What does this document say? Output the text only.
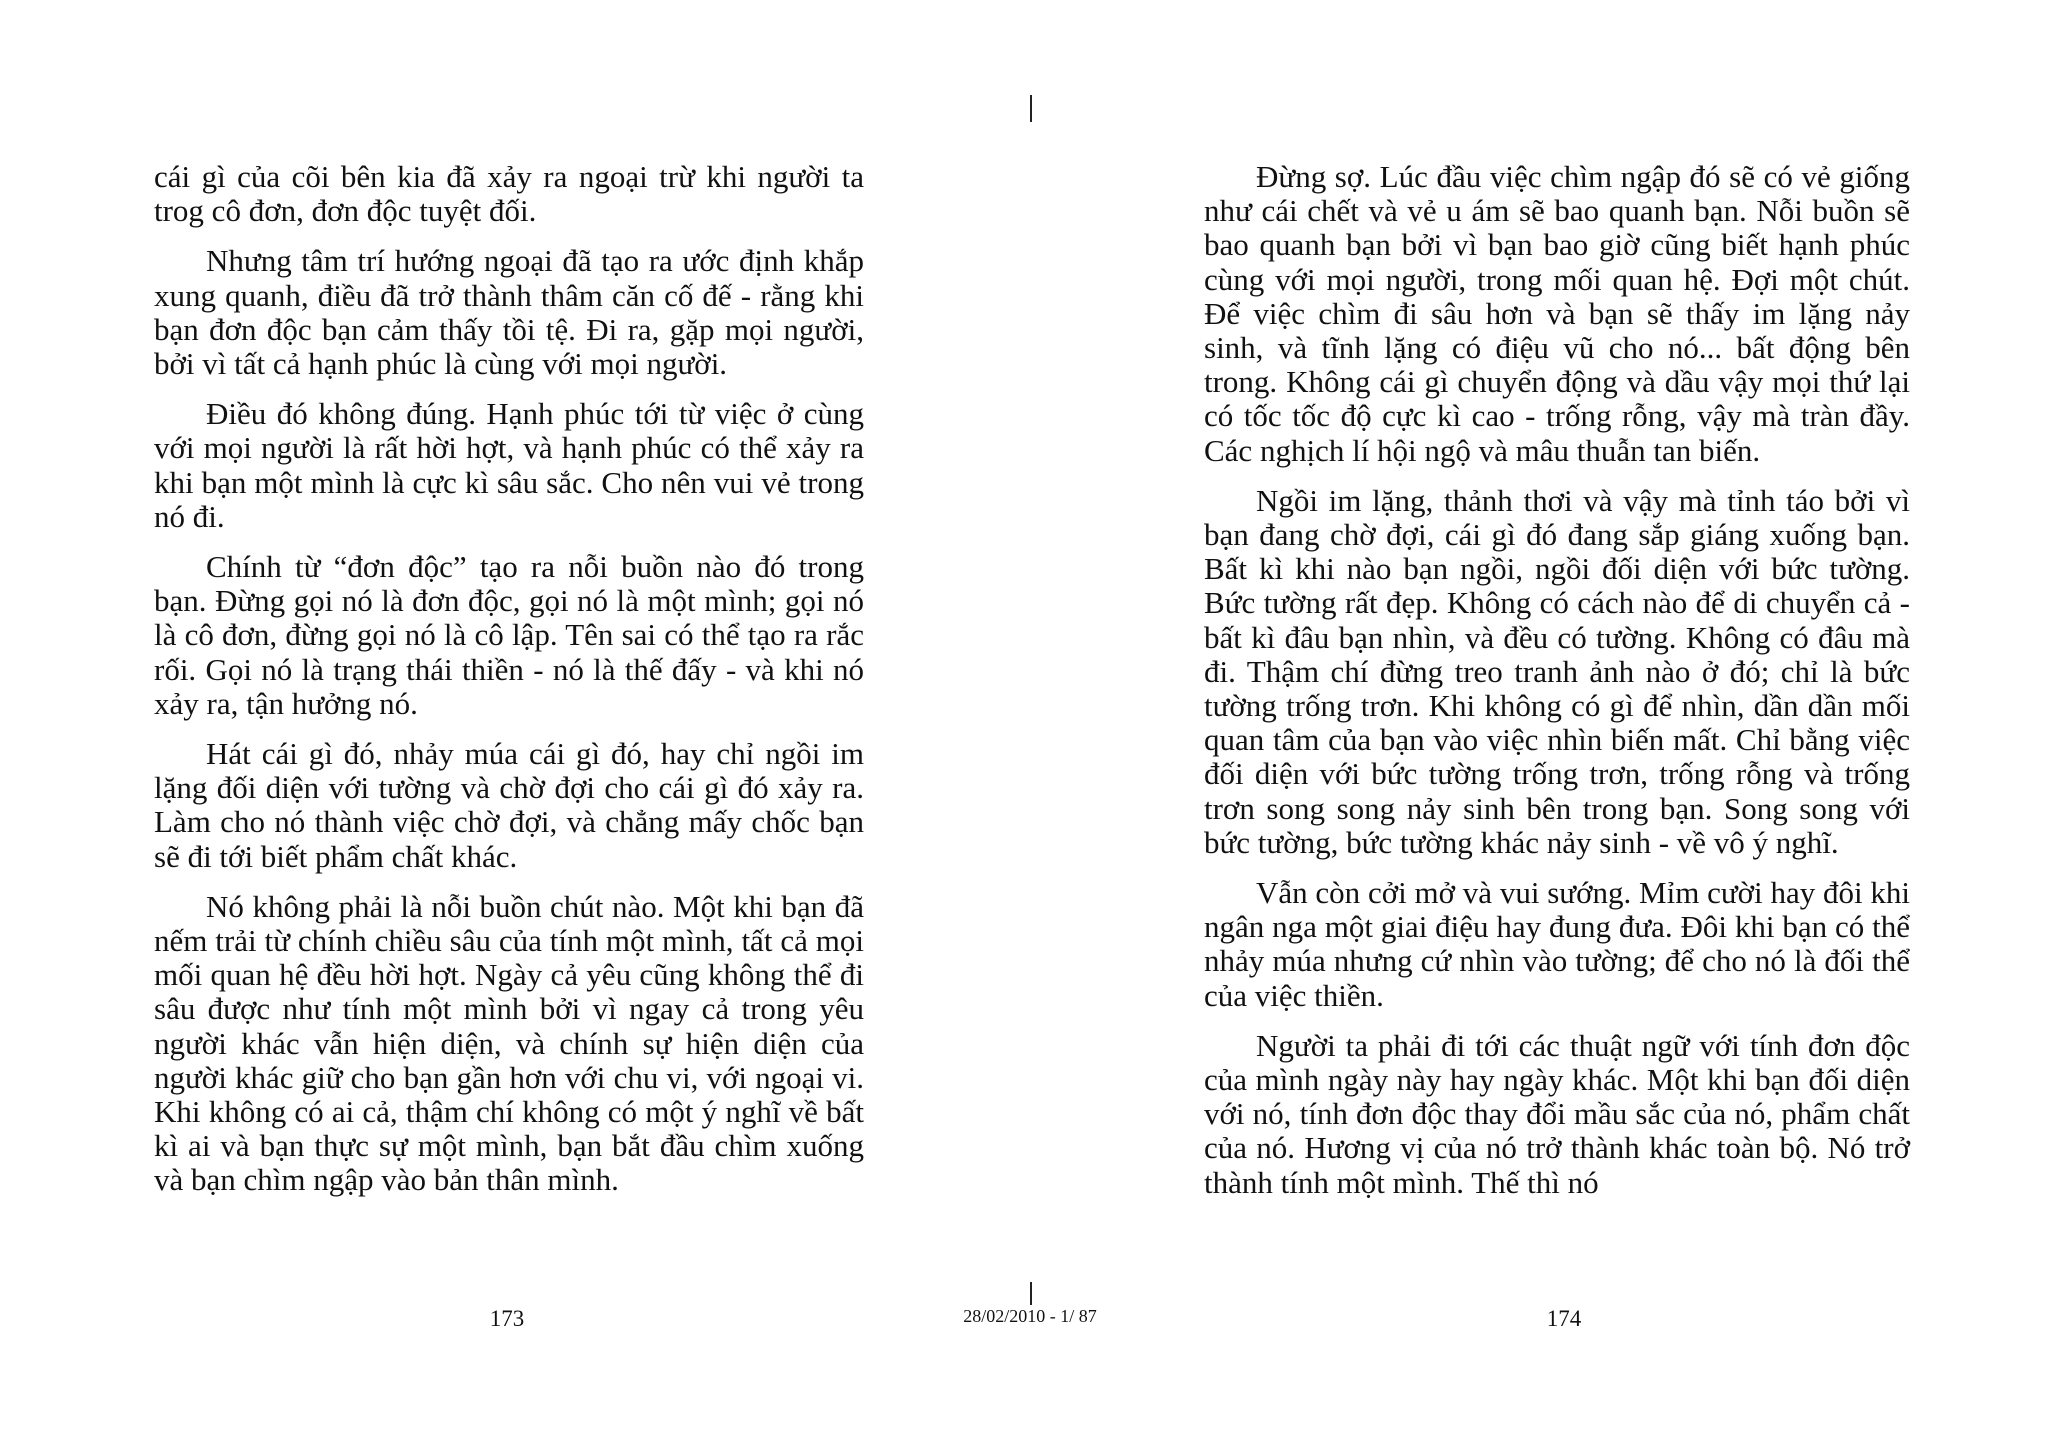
cái gì của cõi bên kia đã xảy ra ngoại trừ khi người ta trog cô đơn, đơn độc tuyệt đối.

Nhưng tâm trí hướng ngoại đã tạo ra ước định khắp xung quanh, điều đã trở thành thâm căn cố đế - rằng khi bạn đơn độc bạn cảm thấy tồi tệ. Đi ra, gặp mọi người, bởi vì tất cả hạnh phúc là cùng với mọi người.

Điều đó không đúng. Hạnh phúc tới từ việc ở cùng với mọi người là rất hời hợt, và hạnh phúc có thể xảy ra khi bạn một mình là cực kì sâu sắc. Cho nên vui vẻ trong nó đi.

Chính từ “đơn độc” tạo ra nỗi buồn nào đó trong bạn. Đừng gọi nó là đơn độc, gọi nó là một mình; gọi nó là cô đơn, đừng gọi nó là cô lập. Tên sai có thể tạo ra rắc rối. Gọi nó là trạng thái thiền - nó là thế đấy - và khi nó xảy ra, tận hưởng nó.

Hát cái gì đó, nhảy múa cái gì đó, hay chỉ ngồi im lặng đối diện với tường và chờ đợi cho cái gì đó xảy ra. Làm cho nó thành việc chờ đợi, và chẳng mấy chốc bạn sẽ đi tới biết phẩm chất khác.

Nó không phải là nỗi buồn chút nào. Một khi bạn đã nếm trải từ chính chiều sâu của tính một mình, tất cả mọi mối quan hệ đều hời hợt. Ngày cả yêu cũng không thể đi sâu được như tính một mình bởi vì ngay cả trong yêu người khác vẫn hiện diện, và chính sự hiện diện của người khác giữ cho bạn gần hơn với chu vi, với ngoại vi. Khi không có ai cả, thậm chí không có một ý nghĩ về bất kì ai và bạn thực sự một mình, bạn bắt đầu chìm xuống và bạn chìm ngập vào bản thân mình.

Đừng sợ. Lúc đầu việc chìm ngập đó sẽ có vẻ giống như cái chết và vẻ u ám sẽ bao quanh bạn. Nỗi buồn sẽ bao quanh bạn bởi vì bạn bao giờ cũng biết hạnh phúc cùng với mọi người, trong mối quan hệ. Đợi một chút. Để việc chìm đi sâu hơn và bạn sẽ thấy im lặng nảy sinh, và tĩnh lặng có điệu vũ cho nó... bất động bên trong. Không cái gì chuyển động và dầu vậy mọi thứ lại có tốc tốc độ cực kì cao - trống rỗng, vậy mà tràn đầy. Các nghịch lí hội ngộ và mâu thuẫn tan biến.

Ngồi im lặng, thảnh thơi và vậy mà tỉnh táo bởi vì bạn đang chờ đợi, cái gì đó đang sắp giáng xuống bạn. Bất kì khi nào bạn ngồi, ngồi đối diện với bức tường. Bức tường rất đẹp. Không có cách nào để di chuyển cả - bất kì đâu bạn nhìn, và đều có tường. Không có đâu mà đi. Thậm chí đừng treo tranh ảnh nào ở đó; chỉ là bức tường trống trơn. Khi không có gì để nhìn, dần dần mối quan tâm của bạn vào việc nhìn biến mất. Chỉ bằng việc đối diện với bức tường trống trơn, trống rỗng và trống trơn song song nảy sinh bên trong bạn. Song song với bức tường, bức tường khác nảy sinh - về vô ý nghĩ.

Vẫn còn cởi mở và vui sướng. Mỉm cười hay đôi khi ngân nga một giai điệu hay đung đưa. Đôi khi bạn có thể nhảy múa nhưng cứ nhìn vào tường; để cho nó là đối thể của việc thiền.

Người ta phải đi tới các thuật ngữ với tính đơn độc của mình ngày này hay ngày khác. Một khi bạn đối diện với nó, tính đơn độc thay đổi mầu sắc của nó, phẩm chất của nó. Hương vị của nó trở thành khác toàn bộ. Nó trở thành tính một mình. Thế thì nó

173	28/02/2010 - 1/ 87	174
